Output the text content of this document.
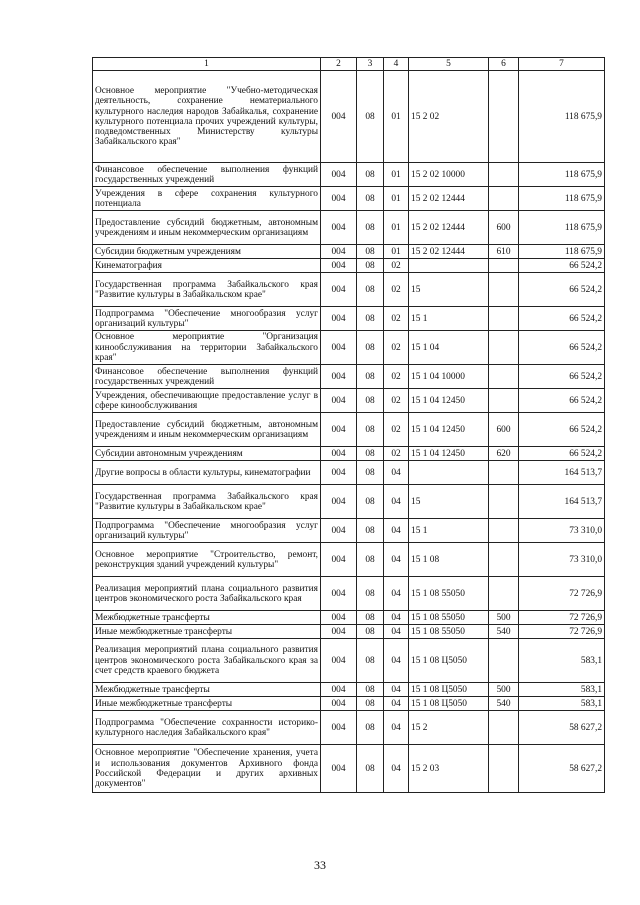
1	2	3	4	5	6	7
Основное мероприятие "Учебно-методическая деятельность, сохранение нематериального культурного наследия народов Забайкалья, сохранение культурного потенциала прочих учреждений культуры, подведомственных Министерству культуры Забайкальского края"	004	08	01	15 2 02		118 675,9
Финансовое обеспечение выполнения функций государственных учреждений	004	08	01	15 2 02 10000		118 675,9
Учреждения в сфере сохранения культурного потенциала	004	08	01	15 2 02 12444		118 675,9
Предоставление субсидий бюджетным, автономным учреждениям и иным некоммерческим организациям	004	08	01	15 2 02 12444	600	118 675,9
Субсидии бюджетным учреждениям	004	08	01	15 2 02 12444	610	118 675,9
Кинематография	004	08	02			66 524,2
Государственная программа Забайкальского края "Развитие культуры в Забайкальском крае"	004	08	02	15		66 524,2
Подпрограмма "Обеспечение многообразия услуг организаций культуры"	004	08	02	15 1		66 524,2
Основное мероприятие "Организация кинообслуживания на территории Забайкальского края"	004	08	02	15 1 04		66 524,2
Финансовое обеспечение выполнения функций государственных учреждений	004	08	02	15 1 04 10000		66 524,2
Учреждения, обеспечивающие предоставление услуг в сфере кинообслуживания	004	08	02	15 1 04 12450		66 524,2
Предоставление субсидий бюджетным, автономным учреждениям и иным некоммерческим организациям	004	08	02	15 1 04 12450	600	66 524,2
Субсидии автономным учреждениям	004	08	02	15 1 04 12450	620	66 524,2
Другие вопросы в области культуры, кинематографии	004	08	04			164 513,7
Государственная программа Забайкальского края "Развитие культуры в Забайкальском крае"	004	08	04	15		164 513,7
Подпрограмма "Обеспечение многообразия услуг организаций культуры"	004	08	04	15 1		73 310,0
Основное мероприятие "Строительство, ремонт, реконструкция зданий учреждений культуры"	004	08	04	15 1 08		73 310,0
Реализация мероприятий плана социального развития центров экономического роста Забайкальского края	004	08	04	15 1 08 55050		72 726,9
Межбюджетные трансферты	004	08	04	15 1 08 55050	500	72 726,9
Иные межбюджетные трансферты	004	08	04	15 1 08 55050	540	72 726,9
Реализация мероприятий плана социального развития центров экономического роста Забайкальского края за счет средств краевого бюджета	004	08	04	15 1 08 Ц5050		583,1
Межбюджетные трансферты	004	08	04	15 1 08 Ц5050	500	583,1
Иные межбюджетные трансферты	004	08	04	15 1 08 Ц5050	540	583,1
Подпрограмма "Обеспечение сохранности историко-культурного наследия Забайкальского края"	004	08	04	15 2		58 627,2
Основное мероприятие "Обеспечение хранения, учета и использования документов Архивного фонда Российской Федерации и других архивных документов"	004	08	04	15 2 03		58 627,2
33
